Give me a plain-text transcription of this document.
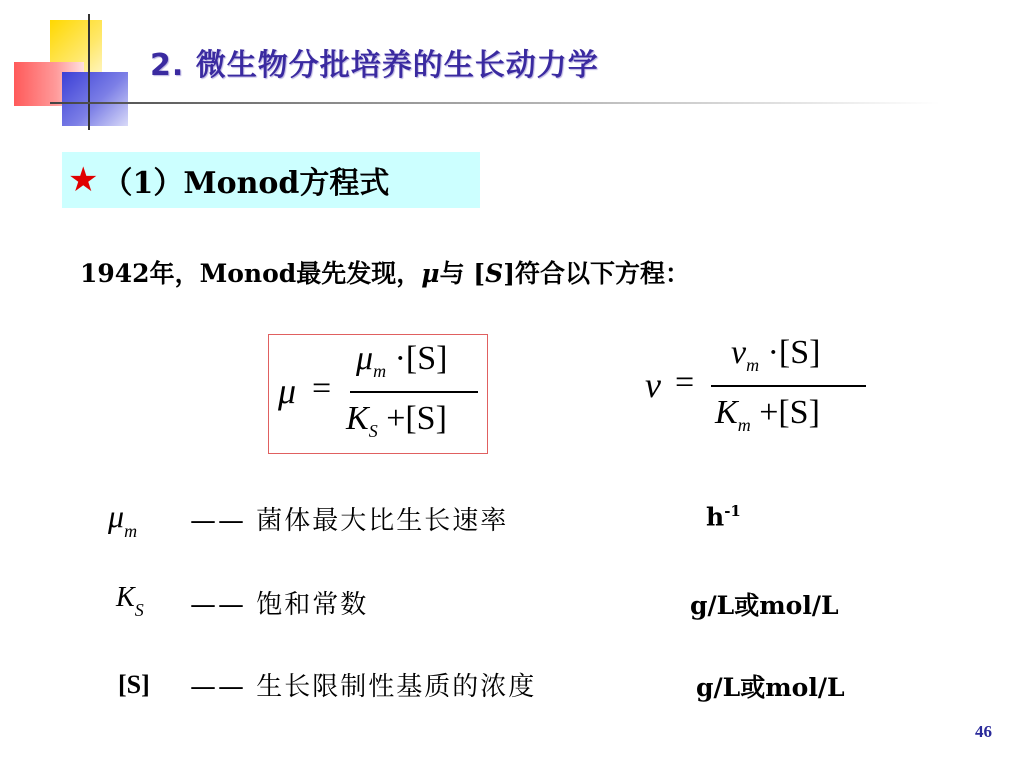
2. 微生物分批培养的生长动力学
★ （1）Monod方程式
1942年，Monod最先发现，μ与 [S]符合以下方程：
μ =
$\mu_m \cdot[S]$
$K_S +[S]$
v =
$v_m \cdot[S]$
$K_m +[S]$
$\mu_m$ —— 菌体最大比生长速率	$h^{-1}$
$K_S$ —— 饱和常数	g/L或mol/L
[S] —— 生长限制性基质的浓度	g/L或mol/L
46
